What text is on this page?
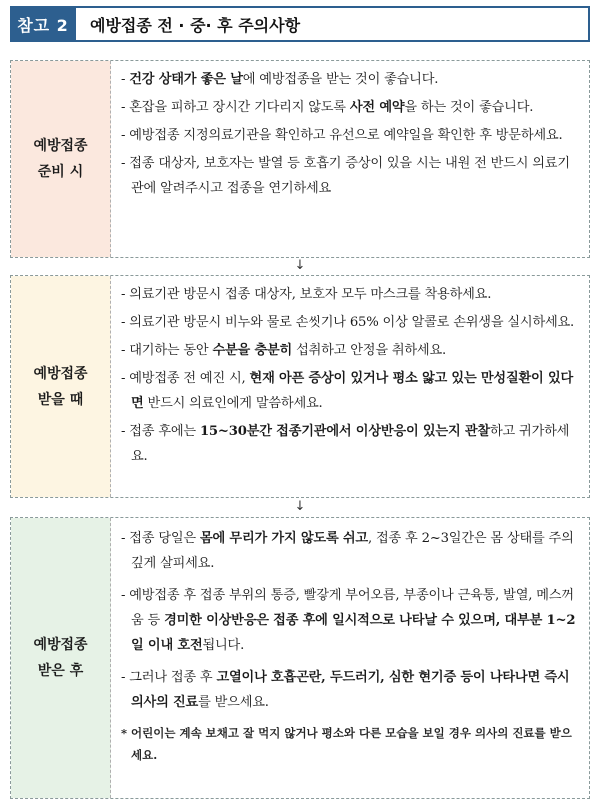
참고 2	예방접종 전 · 중· 후 주의사항
예방접종
준비 시
- 건강 상태가 좋은 날에 예방접종을 받는 것이 좋습니다.
- 혼잡을 피하고 장시간 기다리지 않도록 사전 예약을 하는 것이 좋습니다.
- 예방접종 지정의료기관을 확인하고 유선으로 예약일을 확인한 후 방문하세요.
- 접종 대상자, 보호자는 발열 등 호흡기 증상이 있을 시는 내원 전 반드시 의료기관에 알려주시고 접종을 연기하세요
↓
예방접종
받을 때
- 의료기관 방문시 접종 대상자, 보호자 모두 마스크를 착용하세요.
- 의료기관 방문시 비누와 물로 손씻기나 65% 이상 알콜로 손위생을 실시하세요.
- 대기하는 동안 수분을 충분히 섭취하고 안정을 취하세요.
- 예방접종 전 예진 시, 현재 아픈 증상이 있거나 평소 앓고 있는 만성질환이 있다면 반드시 의료인에게 말씀하세요.
- 접종 후에는 15~30분간 접종기관에서 이상반응이 있는지 관찰하고 귀가하세요.
↓
예방접종
받은 후
- 접종 당일은 몸에 무리가 가지 않도록 쉬고, 접종 후 2~3일간은 몸 상태를 주의 깊게 살피세요.
- 예방접종 후 접종 부위의 통증, 빨갛게 부어오름, 부종이나 근육통, 발열, 메스꺼움 등 경미한 이상반응은 접종 후에 일시적으로 나타날 수 있으며, 대부분 1~2일 이내 호전됩니다.
- 그러나 접종 후 고열이나 호흡곤란, 두드러기, 심한 현기증 등이 나타나면 즉시 의사의 진료를 받으세요.
* 어린이는 계속 보채고 잘 먹지 않거나 평소와 다른 모습을 보일 경우 의사의 진료를 받으세요.
